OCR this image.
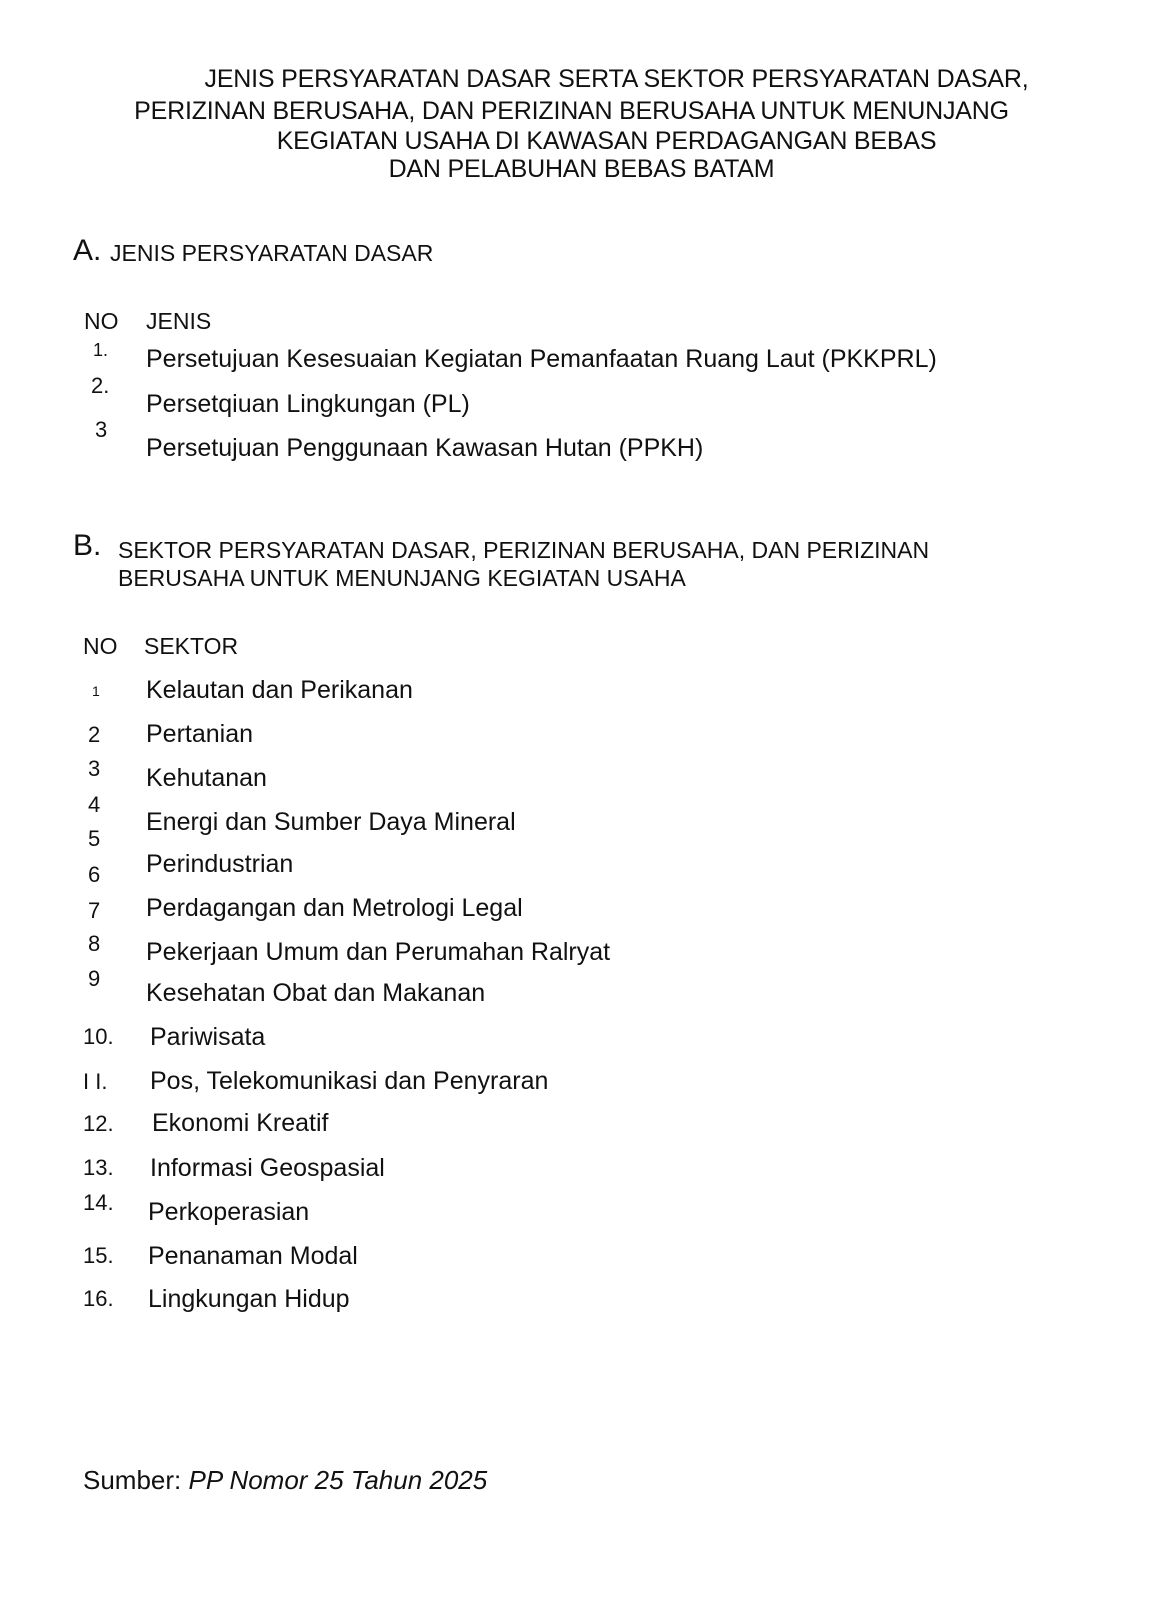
JENIS PERSYARATAN DASAR SERTA SEKTOR PERSYARATAN DASAR,
PERIZINAN BERUSAHA, DAN PERIZINAN BERUSAHA UNTUK MENUNJANG
KEGIATAN USAHA DI KAWASAN PERDAGANGAN BEBAS
DAN PELABUHAN BEBAS BATAM
A. JENIS PERSYARATAN DASAR
NO JENIS
1. Persetujuan Kesesuaian Kegiatan Pemanfaatan Ruang Laut (PKKPRL)
2.
Persetqiuan Lingkungan (PL)
3
Persetujuan Penggunaan Kawasan Hutan (PPKH)
B. SEKTOR PERSYARATAN DASAR, PERIZINAN BERUSAHA, DAN PERIZINAN
BERUSAHA UNTUK MENUNJANG KEGIATAN USAHA
NO SEKTOR
1
2
3
4
5
6
7
8
9
10.
I I.
12.
13.
14.
15.
16.
Kelautan dan Perikanan
Pertanian
Kehutanan
Energi dan Sumber Daya Mineral
Perindustrian
Perdagangan dan Metrologi Legal
Pekerjaan Umum dan Perumahan Ralryat
Kesehatan Obat dan Makanan
Pariwisata
Pos, Telekomunikasi dan Penyraran
Ekonomi Kreatif
Informasi Geospasial
Perkoperasian
Penanaman Modal
Lingkungan Hidup
Sumber: PP Nomor 25 Tahun 2025
